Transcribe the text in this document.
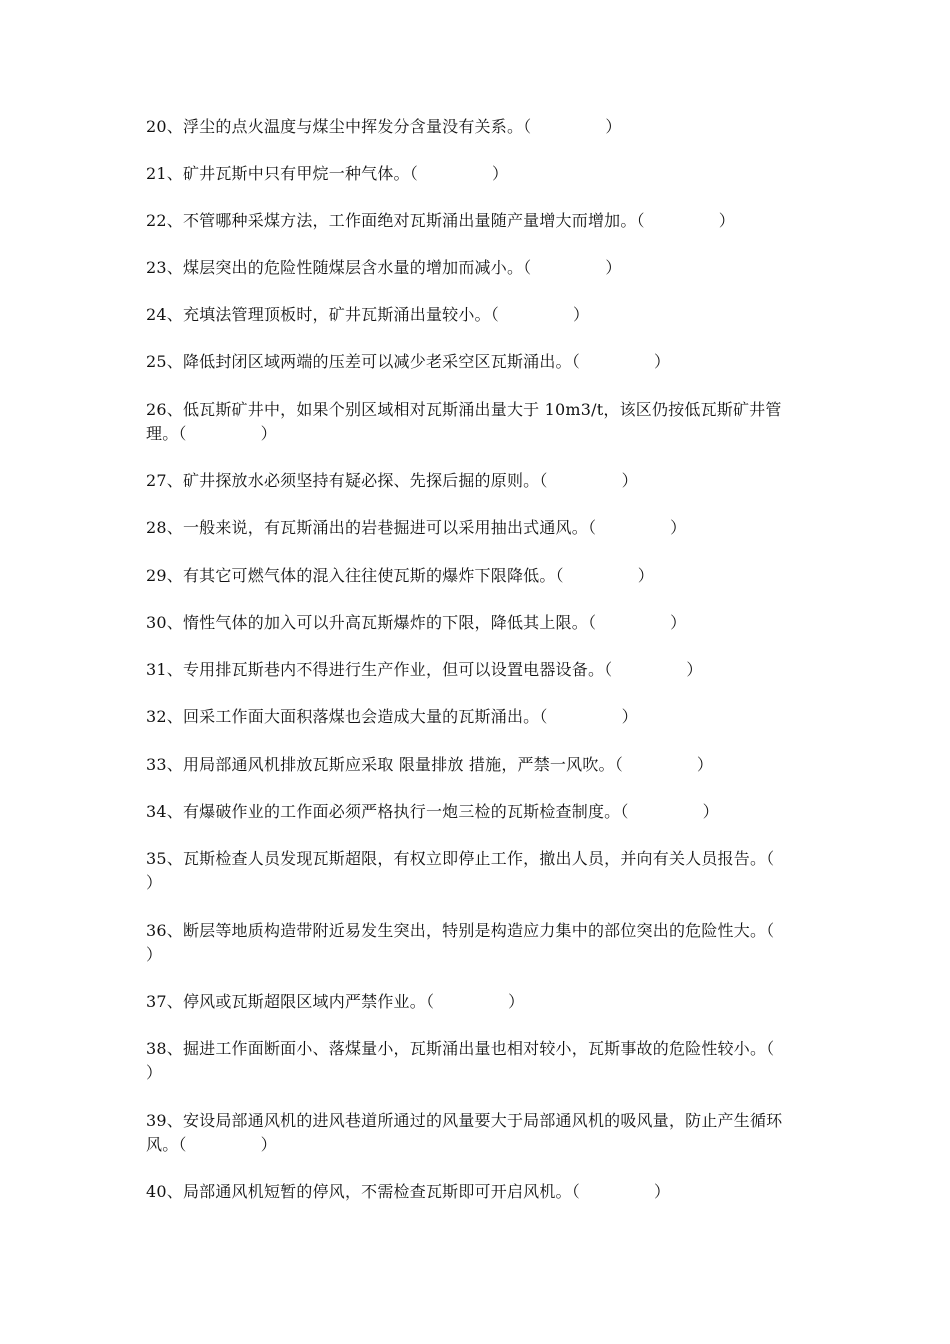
20、浮尘的点火温度与煤尘中挥发分含量没有关系。（              ）

21、矿井瓦斯中只有甲烷一种气体。（              ）

22、不管哪种采煤方法，工作面绝对瓦斯涌出量随产量增大而增加。（              ）

23、煤层突出的危险性随煤层含水量的增加而减小。（              ）

24、充填法管理顶板时，矿井瓦斯涌出量较小。（              ）

25、降低封闭区域两端的压差可以减少老采空区瓦斯涌出。（              ）

26、低瓦斯矿井中，如果个别区域相对瓦斯涌出量大于 10m3/t，该区仍按低瓦斯矿井管理。（              ）

27、矿井探放水必须坚持有疑必探、先探后掘的原则。（              ）

28、一般来说，有瓦斯涌出的岩巷掘进可以采用抽出式通风。（              ）

29、有其它可燃气体的混入往往使瓦斯的爆炸下限降低。（              ）

30、惰性气体的加入可以升高瓦斯爆炸的下限，降低其上限。（              ）

31、专用排瓦斯巷内不得进行生产作业，但可以设置电器设备。（              ）

32、回采工作面大面积落煤也会造成大量的瓦斯涌出。（              ）

33、用局部通风机排放瓦斯应采取 限量排放 措施，严禁一风吹。（              ）

34、有爆破作业的工作面必须严格执行一炮三检的瓦斯检查制度。（              ）

35、瓦斯检查人员发现瓦斯超限，有权立即停止工作，撤出人员，并向有关人员报告。（              ）

36、断层等地质构造带附近易发生突出，特别是构造应力集中的部位突出的危险性大。（              ）

37、停风或瓦斯超限区域内严禁作业。（              ）

38、掘进工作面断面小、落煤量小，瓦斯涌出量也相对较小，瓦斯事故的危险性较小。（              ）

39、安设局部通风机的进风巷道所通过的风量要大于局部通风机的吸风量，防止产生循环风。（              ）

40、局部通风机短暂的停风，不需检查瓦斯即可开启风机。（              ）
